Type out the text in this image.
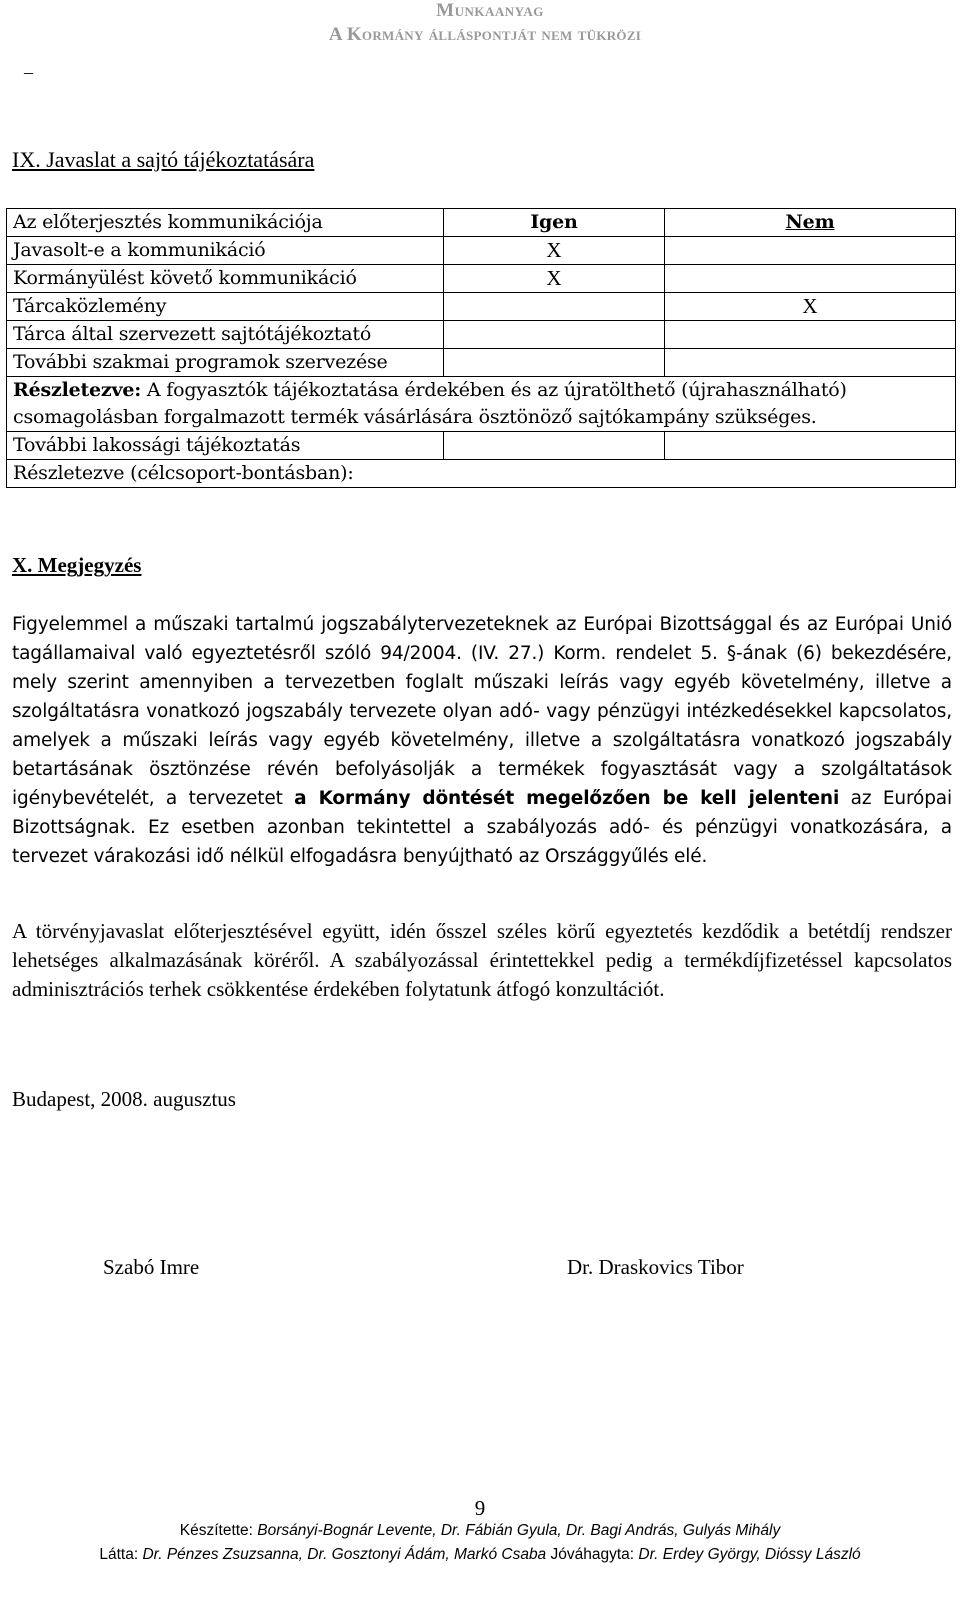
Munkaanyag
A Kormány álláspontját nem tükrözi
–
IX. Javaslat a sajtó tájékoztatására
Az előterjesztés kommunikációja	Igen	Nem
Javasolt-e a kommunikáció	X	
Kormányülést követő kommunikáció	X	
Tárcaközlemény		X
Tárca által szervezett sajtótájékoztató		
További szakmai programok szervezése		
Részletezve: A fogyasztók tájékoztatása érdekében és az újratölthető (újrahasználható) csomagolásban forgalmazott termék vásárlására ösztönöző sajtókampány szükséges.		
További lakossági tájékoztatás		
Részletezve (célcsoport-bontásban):		
X. Megjegyzés
Figyelemmel a műszaki tartalmú jogszabálytervezeteknek az Európai Bizottsággal és az Európai Unió tagállamaival való egyeztetésről szóló 94/2004. (IV. 27.) Korm. rendelet 5. §-ának (6) bekezdésére, mely szerint amennyiben a tervezetben foglalt műszaki leírás vagy egyéb követelmény, illetve a szolgáltatásra vonatkozó jogszabály tervezete olyan adó- vagy pénzügyi intézkedésekkel kapcsolatos, amelyek a műszaki leírás vagy egyéb követelmény, illetve a szolgáltatásra vonatkozó jogszabály betartásának ösztönzése révén befolyásolják a termékek fogyasztását vagy a szolgáltatások igénybevételét, a tervezetet a Kormány döntését megelőzően be kell jelenteni az Európai Bizottságnak. Ez esetben azonban tekintettel a szabályozás adó- és pénzügyi vonatkozására, a tervezet várakozási idő nélkül elfogadásra benyújtható az Országgyűlés elé.
A törvényjavaslat előterjesztésével együtt, idén ősszel széles körű egyeztetés kezdődik a betétdíj rendszer lehetséges alkalmazásának köréről. A szabályozással érintettekkel pedig a termékdíjfizetéssel kapcsolatos adminisztrációs terhek csökkentése érdekében folytatunk átfogó konzultációt.
Budapest, 2008. augusztus
Szabó Imre	Dr. Draskovics Tibor
9
Készítette: Borsányi-Bognár Levente, Dr. Fábián Gyula, Dr. Bagi András, Gulyás Mihály
Látta: Dr. Pénzes Zsuzsanna, Dr. Gosztonyi Ádám, Markó Csaba Jóváhagyta: Dr. Erdey György, Dióssy László
